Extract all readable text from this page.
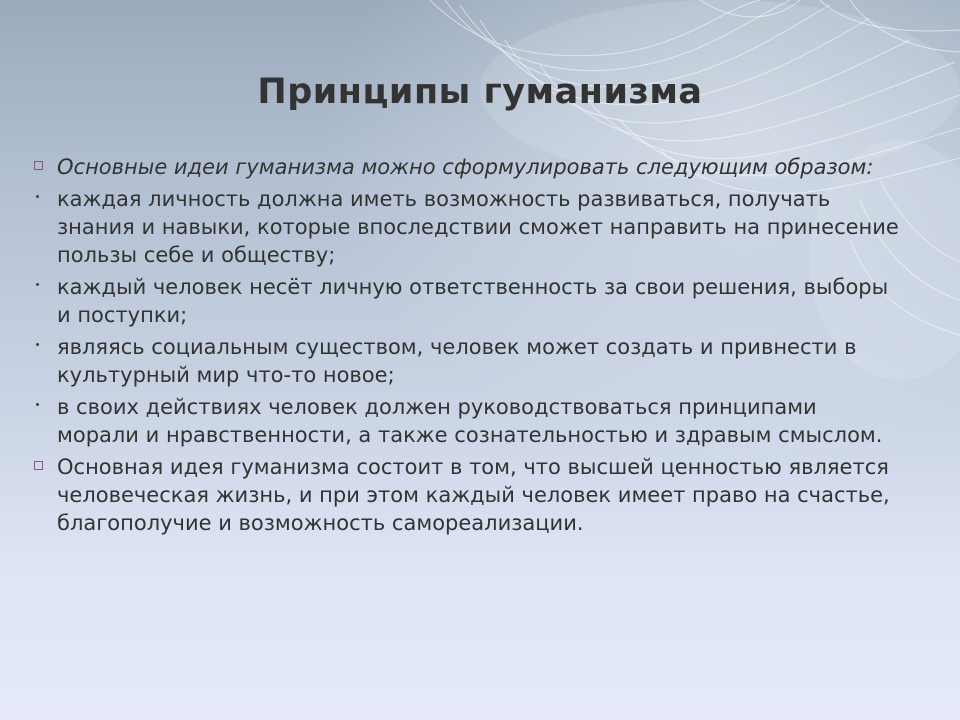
Принципы гуманизма
Основные идеи гуманизма можно сформулировать следующим образом:
каждая личность должна иметь возможность развиваться, получать знания и навыки, которые впоследствии сможет направить на принесение пользы себе и обществу;
каждый человек несёт личную ответственность за свои решения, выборы и поступки;
являясь социальным существом, человек может создать и привнести в культурный мир что-то новое;
в своих действиях человек должен руководствоваться принципами морали и нравственности, а также сознательностью и здравым смыслом.
Основная идея гуманизма состоит в том, что высшей ценностью является человеческая жизнь, и при этом каждый человек имеет право на счастье, благополучие и возможность самореализации.
